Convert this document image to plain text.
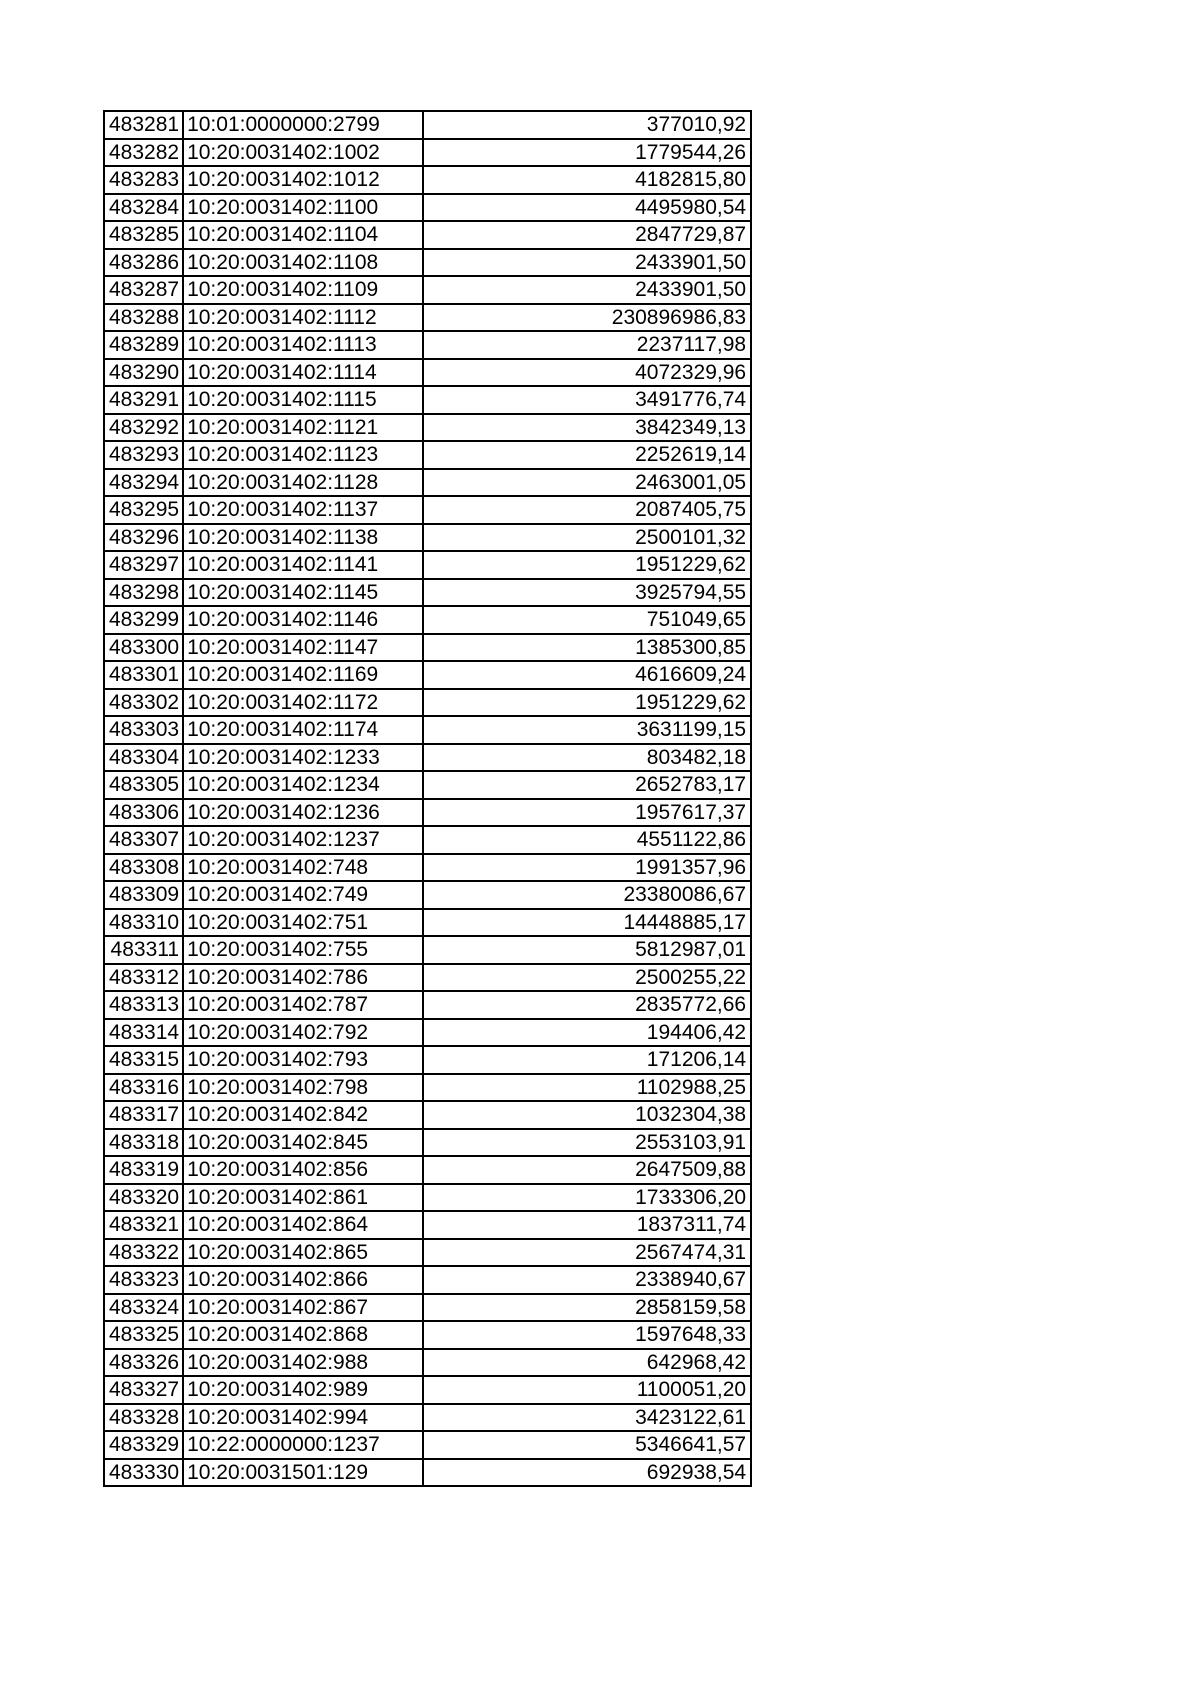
483281	10:01:0000000:2799	377010,92
483282	10:20:0031402:1002	1779544,26
483283	10:20:0031402:1012	4182815,80
483284	10:20:0031402:1100	4495980,54
483285	10:20:0031402:1104	2847729,87
483286	10:20:0031402:1108	2433901,50
483287	10:20:0031402:1109	2433901,50
483288	10:20:0031402:1112	230896986,83
483289	10:20:0031402:1113	2237117,98
483290	10:20:0031402:1114	4072329,96
483291	10:20:0031402:1115	3491776,74
483292	10:20:0031402:1121	3842349,13
483293	10:20:0031402:1123	2252619,14
483294	10:20:0031402:1128	2463001,05
483295	10:20:0031402:1137	2087405,75
483296	10:20:0031402:1138	2500101,32
483297	10:20:0031402:1141	1951229,62
483298	10:20:0031402:1145	3925794,55
483299	10:20:0031402:1146	751049,65
483300	10:20:0031402:1147	1385300,85
483301	10:20:0031402:1169	4616609,24
483302	10:20:0031402:1172	1951229,62
483303	10:20:0031402:1174	3631199,15
483304	10:20:0031402:1233	803482,18
483305	10:20:0031402:1234	2652783,17
483306	10:20:0031402:1236	1957617,37
483307	10:20:0031402:1237	4551122,86
483308	10:20:0031402:748	1991357,96
483309	10:20:0031402:749	23380086,67
483310	10:20:0031402:751	14448885,17
483311	10:20:0031402:755	5812987,01
483312	10:20:0031402:786	2500255,22
483313	10:20:0031402:787	2835772,66
483314	10:20:0031402:792	194406,42
483315	10:20:0031402:793	171206,14
483316	10:20:0031402:798	1102988,25
483317	10:20:0031402:842	1032304,38
483318	10:20:0031402:845	2553103,91
483319	10:20:0031402:856	2647509,88
483320	10:20:0031402:861	1733306,20
483321	10:20:0031402:864	1837311,74
483322	10:20:0031402:865	2567474,31
483323	10:20:0031402:866	2338940,67
483324	10:20:0031402:867	2858159,58
483325	10:20:0031402:868	1597648,33
483326	10:20:0031402:988	642968,42
483327	10:20:0031402:989	1100051,20
483328	10:20:0031402:994	3423122,61
483329	10:22:0000000:1237	5346641,57
483330	10:20:0031501:129	692938,54
